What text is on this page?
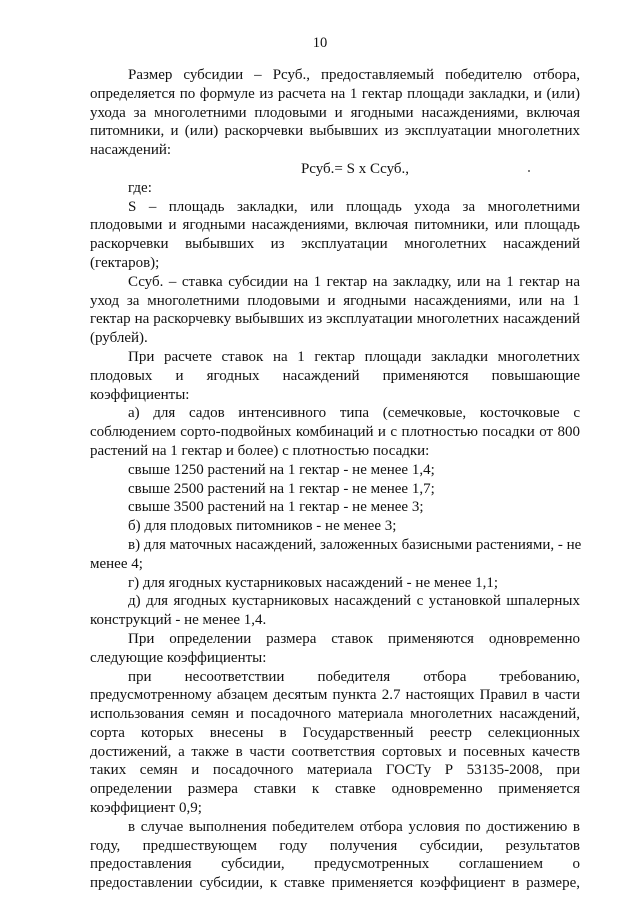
10

Размер субсидии – Рсуб., предоставляемый победителю отбора,

определяется по формуле из расчета на 1 гектар площади закладки, и (или)

ухода за многолетними плодовыми и ягодными насаждениями, включая

питомники, и (или) раскорчевки выбывших из эксплуатации многолетних

насаждений:

Рсуб.= S х Ссуб.,

где:

S – площадь закладки, или площадь ухода за многолетними

плодовыми и ягодными насаждениями, включая питомники, или площадь

раскорчевки выбывших из эксплуатации многолетних насаждений

(гектаров);

Ссуб. – ставка субсидии на 1 гектар на закладку, или на 1 гектар на

уход за многолетними плодовыми и ягодными насаждениями, или на 1

гектар на раскорчевку выбывших из эксплуатации многолетних насаждений

(рублей).

При расчете ставок на 1 гектар площади закладки многолетних

плодовых и ягодных насаждений применяются повышающие

коэффициенты:

а) для садов интенсивного типа (семечковые, косточковые с

соблюдением сорто-подвойных комбинаций и с плотностью посадки от 800

растений на 1 гектар и более) с плотностью посадки:

свыше 1250 растений на 1 гектар - не менее 1,4;

свыше 2500 растений на 1 гектар - не менее 1,7;

свыше 3500 растений на 1 гектар - не менее 3;

б) для плодовых питомников - не менее 3;

в) для маточных насаждений, заложенных базисными растениями, - не

менее 4;

г) для ягодных кустарниковых насаждений - не менее 1,1;

д) для ягодных кустарниковых насаждений с установкой шпалерных

конструкций - не менее 1,4.

При определении размера ставок применяются одновременно

следующие коэффициенты:

при несоответствии победителя отбора требованию,

предусмотренному абзацем десятым пункта 2.7 настоящих Правил в части

использования семян и посадочного материала многолетних насаждений,

сорта которых внесены в Государственный реестр селекционных

достижений, а также в части соответствия сортовых и посевных качеств

таких семян и посадочного материала ГОСТу Р 53135-2008, при

определении размера ставки к ставке одновременно применяется

коэффициент 0,9;

в случае выполнения победителем отбора условия по достижению в

году, предшествующем году получения субсидии, результатов

предоставления субсидии, предусмотренных соглашением о

предоставлении субсидии, к ставке применяется коэффициент в размере,
